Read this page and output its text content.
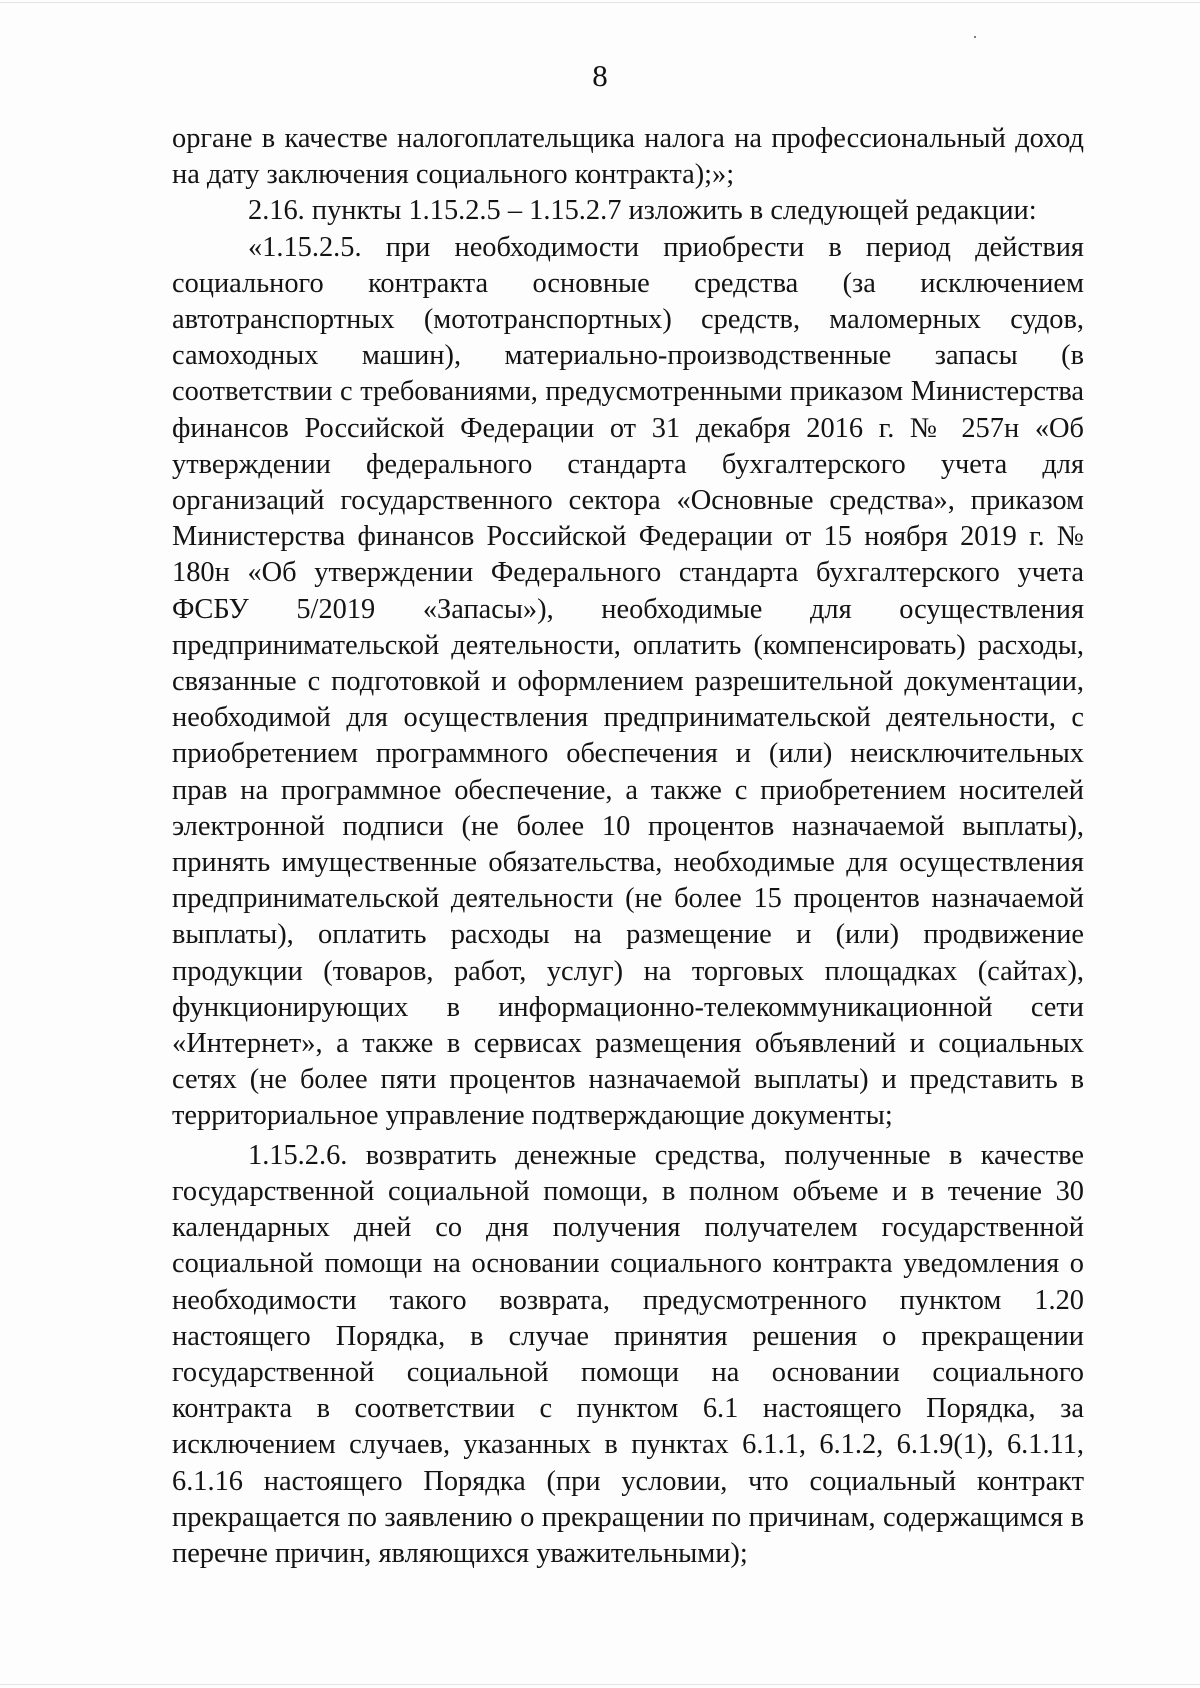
8

органе в качестве налогоплательщика налога на профессиональный доход на дату заключения социального контракта);»;

2.16. пункты 1.15.2.5 – 1.15.2.7 изложить в следующей редакции:

«1.15.2.5. при необходимости приобрести в период действия социального контракта основные средства (за исключением автотранспортных (мототранспортных) средств, маломерных судов, самоходных машин), материально-производственные запасы (в соответствии с требованиями, предусмотренными приказом Министерства финансов Российской Федерации от 31 декабря 2016 г. № 257н «Об утверждении федерального стандарта бухгалтерского учета для организаций государственного сектора «Основные средства», приказом Министерства финансов Российской Федерации от 15 ноября 2019 г. № 180н «Об утверждении Федерального стандарта бухгалтерского учета ФСБУ 5/2019 «Запасы»), необходимые для осуществления предпринимательской деятельности, оплатить (компенсировать) расходы, связанные с подготовкой и оформлением разрешительной документации, необходимой для осуществления предпринимательской деятельности, с приобретением программного обеспечения и (или) неисключительных прав на программное обеспечение, а также с приобретением носителей электронной подписи (не более 10 процентов назначаемой выплаты), принять имущественные обязательства, необходимые для осуществления предпринимательской деятельности (не более 15 процентов назначаемой выплаты), оплатить расходы на размещение и (или) продвижение продукции (товаров, работ, услуг) на торговых площадках (сайтах), функционирующих в информационно-телекоммуникационной сети «Интернет», а также в сервисах размещения объявлений и социальных сетях (не более пяти процентов назначаемой выплаты) и представить в территориальное управление подтверждающие документы;

1.15.2.6. возвратить денежные средства, полученные в качестве государственной социальной помощи, в полном объеме и в течение 30 календарных дней со дня получения получателем государственной социальной помощи на основании социального контракта уведомления о необходимости такого возврата, предусмотренного пунктом 1.20 настоящего Порядка, в случае принятия решения о прекращении государственной социальной помощи на основании социального контракта в соответствии с пунктом 6.1 настоящего Порядка, за исключением случаев, указанных в пунктах 6.1.1, 6.1.2, 6.1.9(1), 6.1.11, 6.1.16 настоящего Порядка (при условии, что социальный контракт прекращается по заявлению о прекращении по причинам, содержащимся в перечне причин, являющихся уважительными);
